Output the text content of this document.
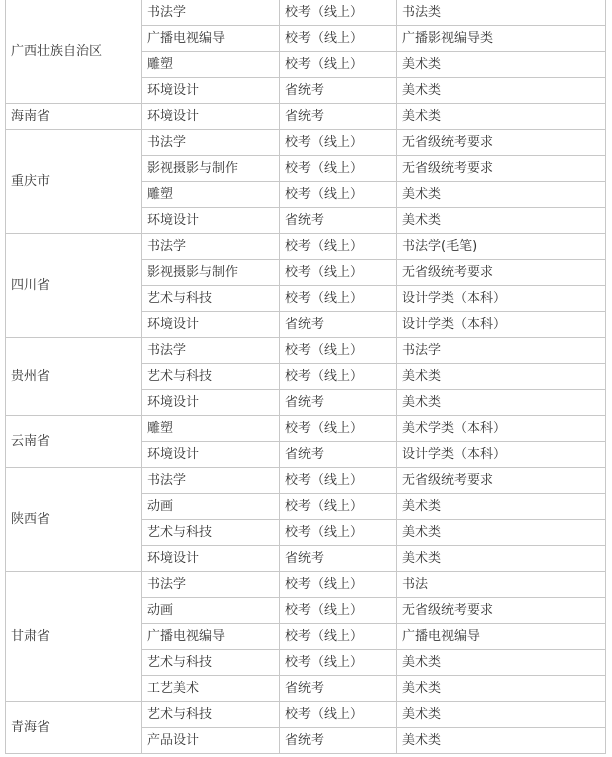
广西壮族自治区	书法学	校考（线上）	书法类
	广播电视编导	校考（线上）	广播影视编导类
	雕塑	校考（线上）	美术类
	环境设计	省统考	美术类
海南省	环境设计	省统考	美术类
重庆市	书法学	校考（线上）	无省级统考要求
	影视摄影与制作	校考（线上）	无省级统考要求
	雕塑	校考（线上）	美术类
	环境设计	省统考	美术类
四川省	书法学	校考（线上）	书法学(毛笔)
	影视摄影与制作	校考（线上）	无省级统考要求
	艺术与科技	校考（线上）	设计学类（本科）
	环境设计	省统考	设计学类（本科）
贵州省	书法学	校考（线上）	书法学
	艺术与科技	校考（线上）	美术类
	环境设计	省统考	美术类
云南省	雕塑	校考（线上）	美术学类（本科）
	环境设计	省统考	设计学类（本科）
陕西省	书法学	校考（线上）	无省级统考要求
	动画	校考（线上）	美术类
	艺术与科技	校考（线上）	美术类
	环境设计	省统考	美术类
甘肃省	书法学	校考（线上）	书法
	动画	校考（线上）	无省级统考要求
	广播电视编导	校考（线上）	广播电视编导
	艺术与科技	校考（线上）	美术类
	工艺美术	省统考	美术类
青海省	艺术与科技	校考（线上）	美术类
	产品设计	省统考	美术类
